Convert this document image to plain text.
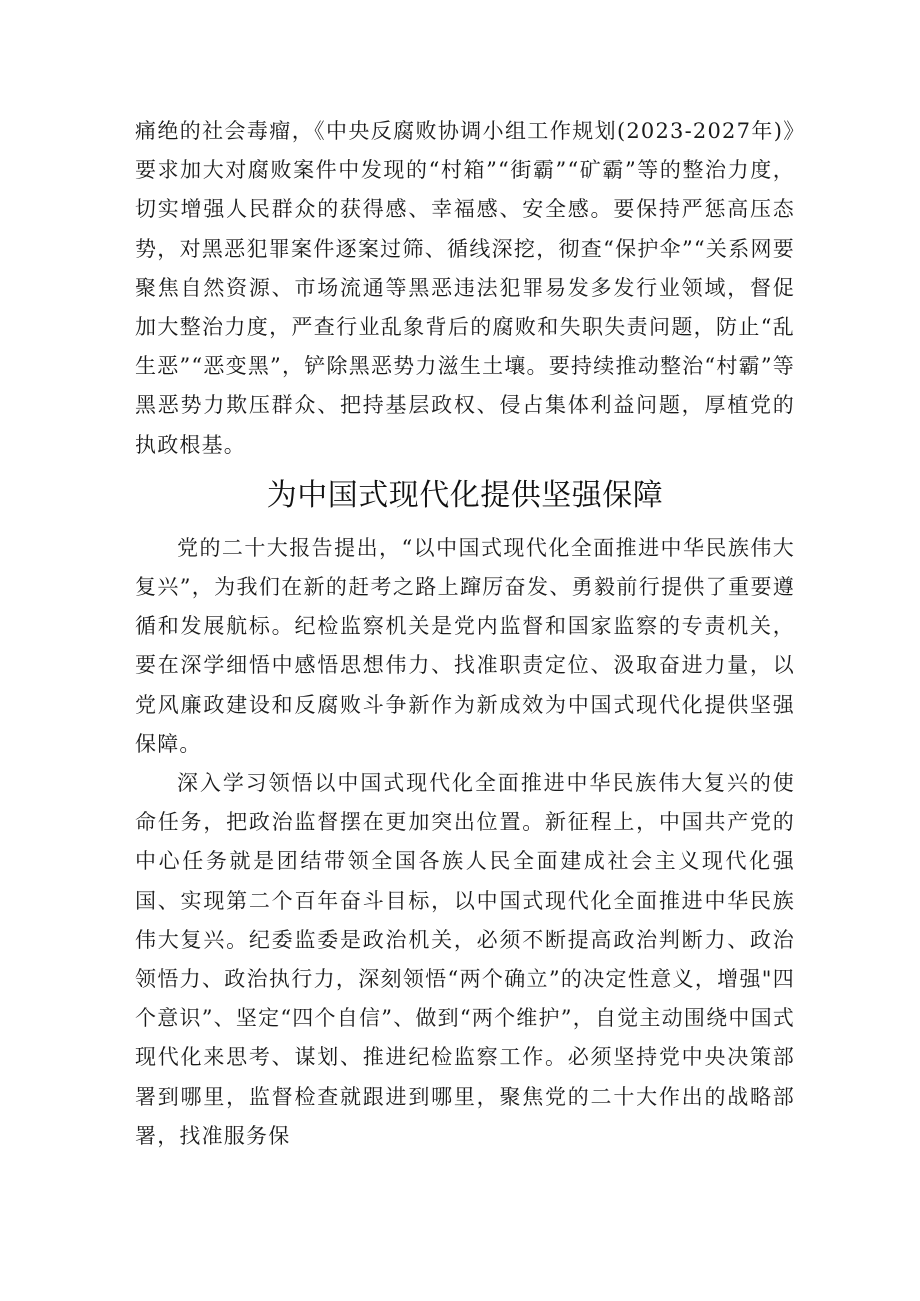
痛绝的社会毒瘤，《中央反腐败协调小组工作规划(2023-2027年)》要求加大对腐败案件中发现的“村箱”“街霸”“矿霸”等的整治力度，切实增强人民群众的获得感、幸福感、安全感。要保持严惩高压态势，对黑恶犯罪案件逐案过筛、循线深挖，彻查“保护伞”“关系网要聚焦自然资源、市场流通等黑恶违法犯罪易发多发行业领域，督促加大整治力度，严查行业乱象背后的腐败和失职失责问题，防止“乱生恶”“恶变黑”，铲除黑恶势力滋生土壤。要持续推动整治“村霸”等黑恶势力欺压群众、把持基层政权、侵占集体利益问题，厚植党的执政根基。

为中国式现代化提供坚强保障

党的二十大报告提出，“以中国式现代化全面推进中华民族伟大复兴”，为我们在新的赶考之路上蹿厉奋发、勇毅前行提供了重要遵循和发展航标。纪检监察机关是党内监督和国家监察的专责机关，要在深学细悟中感悟思想伟力、找准职责定位、汲取奋进力量，以党风廉政建设和反腐败斗争新作为新成效为中国式现代化提供坚强保障。

深入学习领悟以中国式现代化全面推进中华民族伟大复兴的使命任务，把政治监督摆在更加突出位置。新征程上，中国共产党的中心任务就是团结带领全国各族人民全面建成社会主义现代化强国、实现第二个百年奋斗目标，以中国式现代化全面推进中华民族伟大复兴。纪委监委是政治机关，必须不断提高政治判断力、政治领悟力、政治执行力，深刻领悟“两个确立”的决定性意义，增强"四个意识”、坚定“四个自信”、做到“两个维护”，自觉主动围绕中国式现代化来思考、谋划、推进纪检监察工作。必须坚持党中央决策部署到哪里，监督检查就跟进到哪里，聚焦党的二十大作出的战略部署，找准服务保
